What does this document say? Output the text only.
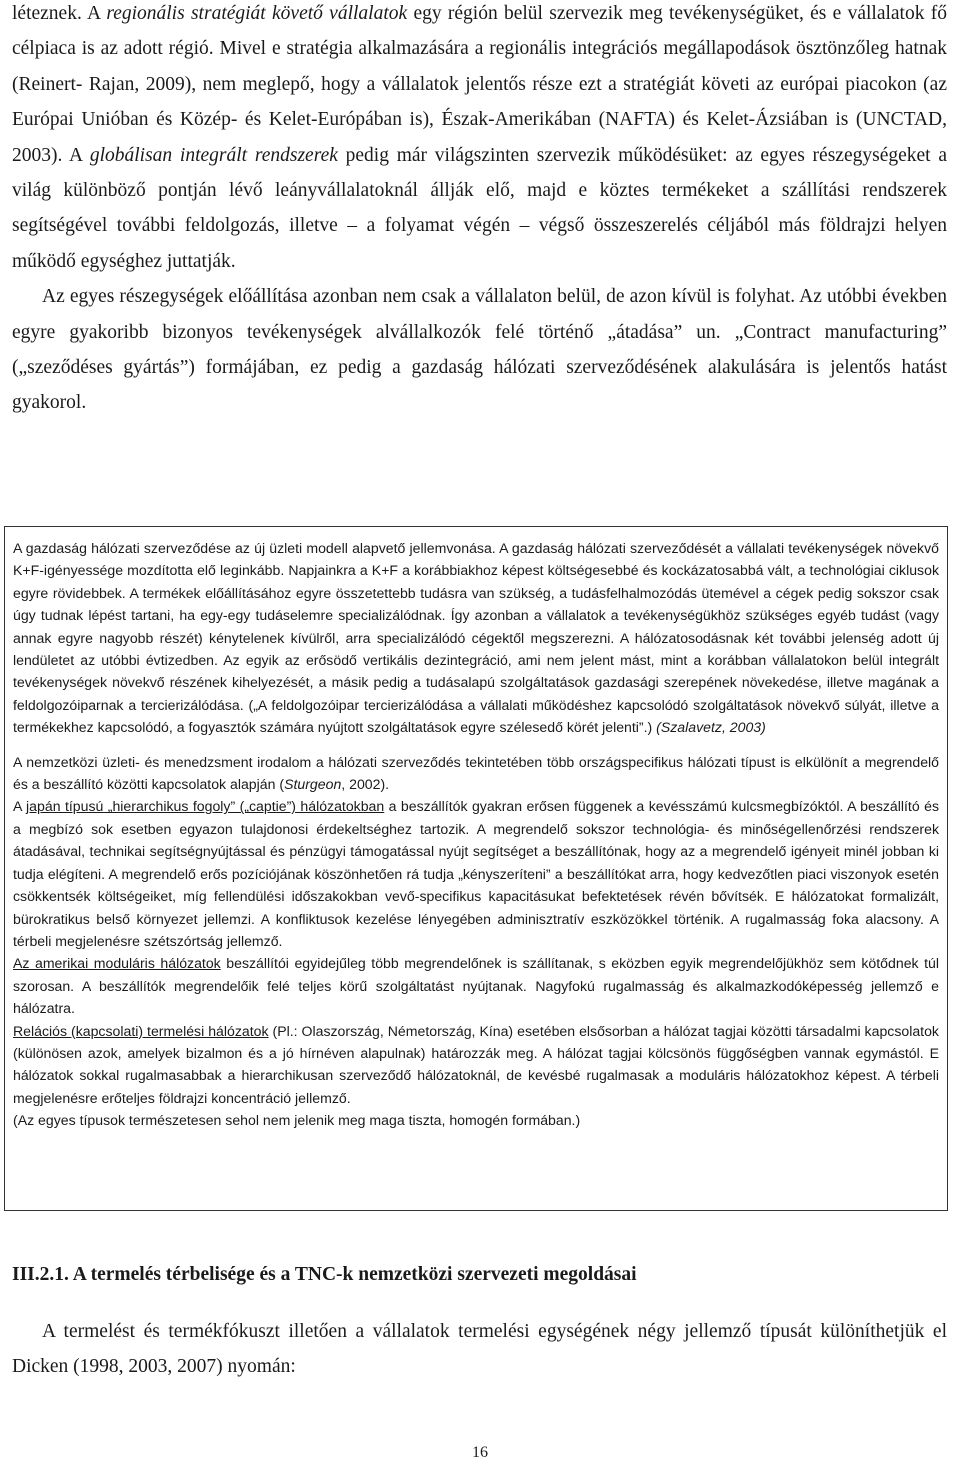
léteznek. A regionális stratégiát követő vállalatok egy régión belül szervezik meg tevékenységüket, és e vállalatok fő célpiaca is az adott régió. Mivel e stratégia alkalmazására a regionális integrációs megállapodások ösztönzőleg hatnak (Reinert- Rajan, 2009), nem meglepő, hogy a vállalatok jelentős része ezt a stratégiát követi az európai piacokon (az Európai Unióban és Közép- és Kelet-Európában is), Észak-Amerikában (NAFTA) és Kelet-Ázsiában is (UNCTAD, 2003). A globálisan integrált rendszerek pedig már világszinten szervezik működésüket: az egyes részegységeket a világ különböző pontján lévő leányvállalatoknál állják elő, majd e köztes termékeket a szállítási rendszerek segítségével további feldolgozás, illetve – a folyamat végén – végső összeszerelés céljából más földrajzi helyen működő egységhez juttatják.

Az egyes részegységek előállítása azonban nem csak a vállalaton belül, de azon kívül is folyhat. Az utóbbi években egyre gyakoribb bizonyos tevékenységek alvállalkozók felé történő „átadása” un. „Contract manufacturing” („szeződéses gyártás”) formájában, ez pedig a gazdaság hálózati szerveződésének alakulására is jelentős hatást gyakorol.

A gazdaság hálózati szerveződése az új üzleti modell alapvető jellemvonása. A gazdaság hálózati szerveződését a vállalati tevékenységek növekvő K+F-igényessége mozdította elő leginkább. Napjainkra a K+F a korábbiakhoz képest költségesebbé és kockázatosabbá vált, a technológiai ciklusok egyre rövidebbek. A termékek előállításához egyre összetettebb tudásra van szükség, a tudásfelhalmozódás ütemével a cégek pedig sokszor csak úgy tudnak lépést tartani, ha egy-egy tudáselemre specializálódnak. Így azonban a vállalatok a tevékenységükhöz szükséges egyéb tudást (vagy annak egyre nagyobb részét) kénytelenek kívülről, arra specializálódó cégektől megszerezni. A hálózatosodásnak két további jelenség adott új lendületet az utóbbi évtizedben. Az egyik az erősödő vertikális dezintegráció, ami nem jelent mást, mint a korábban vállalatokon belül integrált tevékenységek növekvő részének kihelyezését, a másik pedig a tudásalapú szolgáltatások gazdasági szerepének növekedése, illetve magának a feldolgozóiparnak a tercierizálódása. („A feldolgozóipar tercierizálódása a vállalati működéshez kapcsolódó szolgáltatások növekvő súlyát, illetve a termékekhez kapcsolódó, a fogyasztók számára nyújtott szolgáltatások egyre szélesedő körét jelenti”.) (Szalavetz, 2003)

A nemzetközi üzleti- és menedzsment irodalom a hálózati szerveződés tekintetében több országspecifikus hálózati típust is elkülönít a megrendelő és a beszállító közötti kapcsolatok alapján (Sturgeon, 2002).

A japán típusú „hierarchikus fogoly” („captie”) hálózatokban a beszállítók gyakran erősen függenek a kevésszámú kulcsmegbízóktól. A beszállító és a megbízó sok esetben egyazon tulajdonosi érdekeltséghez tartozik. A megrendelő sokszor technológia- és minőségellenőrzési rendszerek átadásával, technikai segítségnyújtással és pénzügyi támogatással nyújt segítséget a beszállítónak, hogy az a megrendelő igényeit minél jobban ki tudja elégíteni. A megrendelő erős pozíciójának köszönhetően rá tudja „kényszeríteni” a beszállítókat arra, hogy kedvezőtlen piaci viszonyok esetén csökkentsék költségeiket, míg fellendülési időszakokban vevő-specifikus kapacitásukat befektetések révén bővítsék. E hálózatokat formalizált, bürokratikus belső környezet jellemzi. A konfliktusok kezelése lényegében adminisztratív eszközökkel történik. A rugalmasság foka alacsony. A térbeli megjelenésre szétszórtság jellemző.

Az amerikai moduláris hálózatok beszállítói egyidejűleg több megrendelőnek is szállítanak, s eközben egyik megrendelőjükhöz sem kötődnek túl szorosan. A beszállítók megrendelőik felé teljes körű szolgáltatást nyújtanak. Nagyfokú rugalmasság és alkalmazkodóképesség jellemző e hálózatra.

Relációs (kapcsolati) termelési hálózatok (Pl.: Olaszország, Németország, Kína) esetében elsősorban a hálózat tagjai közötti társadalmi kapcsolatok (különösen azok, amelyek bizalmon és a jó hírnéven alapulnak) határozzák meg. A hálózat tagjai kölcsönös függőségben vannak egymástól. E hálózatok sokkal rugalmasabbak a hierarchikusan szerveződő hálózatoknál, de kevésbé rugalmasak a moduláris hálózatokhoz képest. A térbeli megjelenésre erőteljes földrajzi koncentráció jellemző.

(Az egyes típusok természetesen sehol nem jelenik meg maga tiszta, homogén formában.)

III.2.1. A termelés térbelisége és a TNC-k nemzetközi szervezeti megoldásai

A termelést és termékfókuszt illetően a vállalatok termelési egységének négy jellemző típusát különíthetjük el Dicken (1998, 2003, 2007) nyomán:

16
